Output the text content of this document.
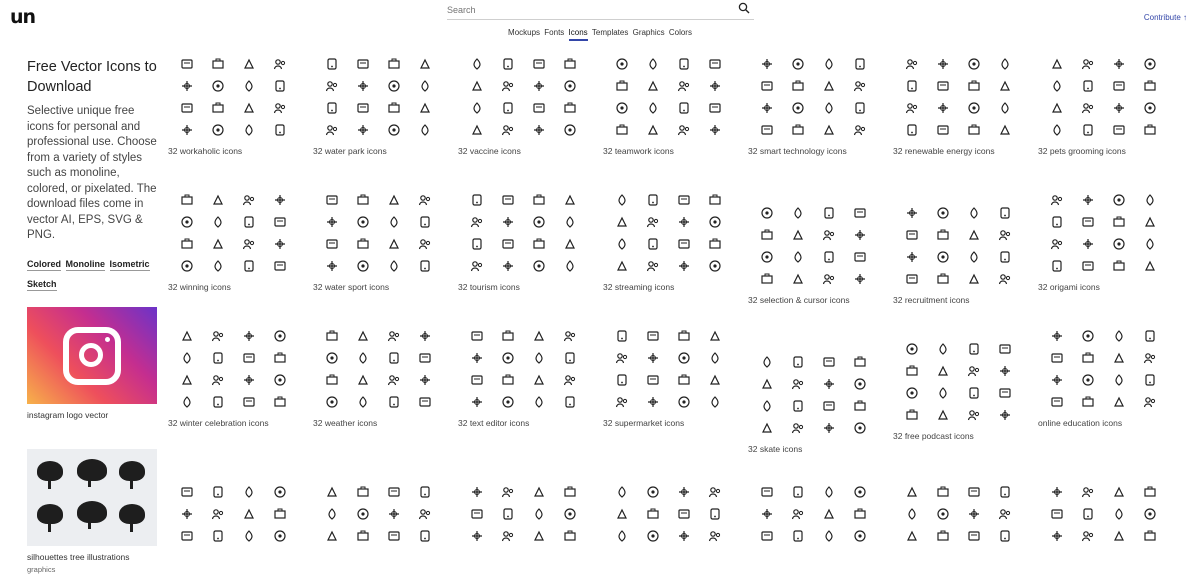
un
Search	Contribute ↑
Mockups Fonts Icons Templates Graphics Colors
Free Vector Icons to Download

Selective unique free icons for personal and professional use. Choose from a variety of styles such as monoline, colored, or pixelated. The download files come in vector AI, EPS, SVG & PNG.

Colored Monoline Isometric Sketch
instagram logo vector
silhouettes tree illustrations
graphics
32 workaholic icons	32 water park icons	32 vaccine icons	32 teamwork icons	32 smart technology icons	32 renewable energy icons	32 pets grooming icons
32 winning icons	32 water sport icons	32 tourism icons	32 streaming icons
32 selection & cursor icons	32 recruitment icons
32 origami icons
32 winter celebration icons	32 weather icons	32 text editor icons	32 supermarket icons
32 skate icons
32 free podcast icons
online education icons
